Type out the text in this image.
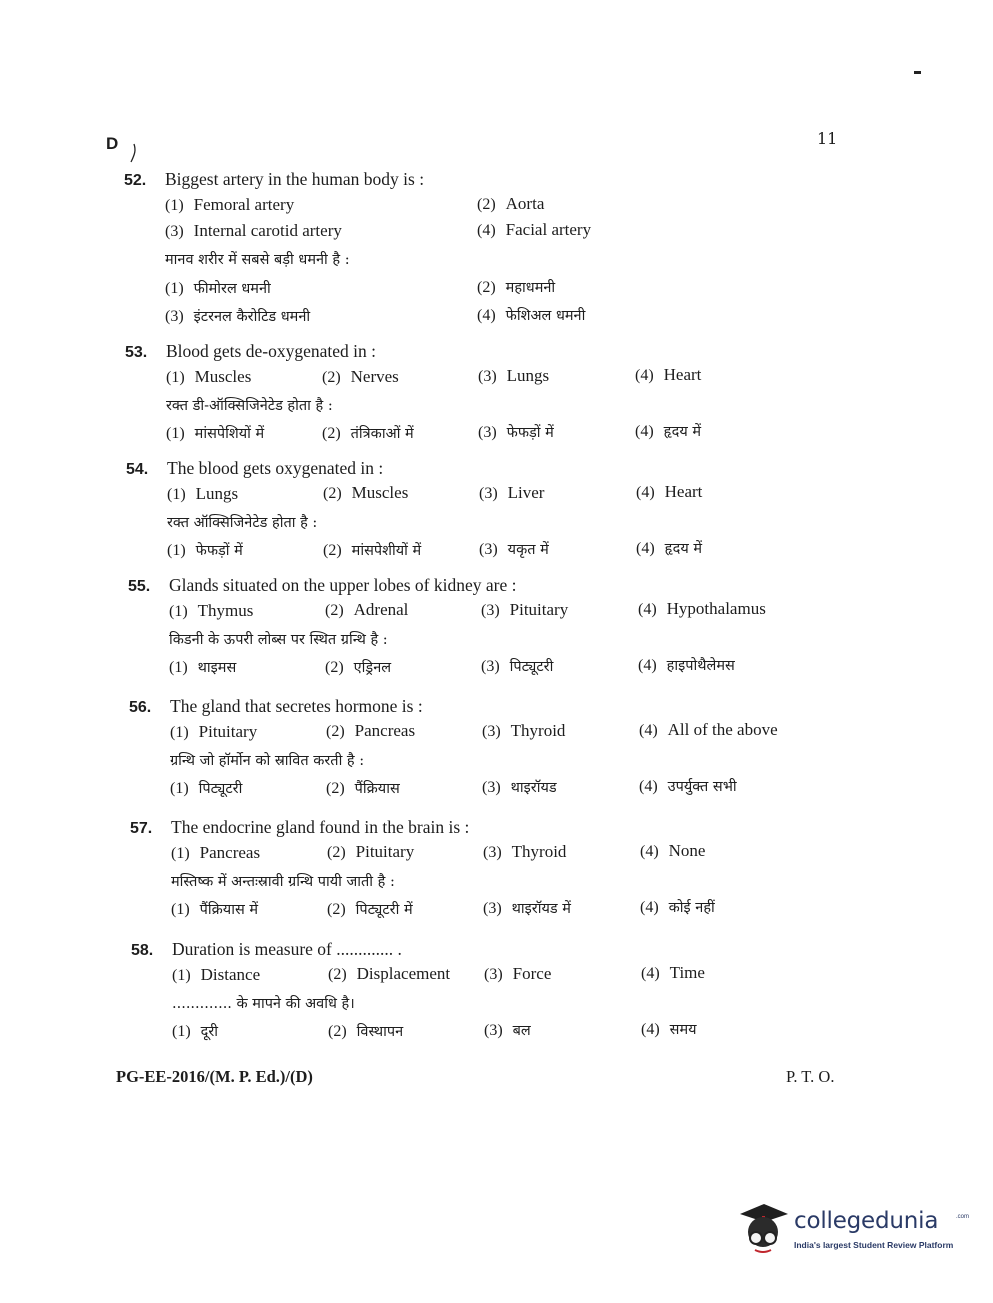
D	11
52. Biggest artery in the human body is :
(1) Femoral artery	(2) Aorta
(3) Internal carotid artery	(4) Facial artery
मानव शरीर में सबसे बड़ी धमनी है :
(1) फीमोरल धमनी	(2) महाधमनी
(3) इंटरनल कैरोटिड धमनी	(4) फेशिअल धमनी
53. Blood gets de-oxygenated in :
(1) Muscles	(2) Nerves	(3) Lungs	(4) Heart
रक्त डी-ऑक्सिजिनेटेड होता है :
(1) मांसपेशियों में	(2) तंत्रिकाओं में	(3) फेफड़ों में	(4) हृदय में
54. The blood gets oxygenated in :
(1) Lungs	(2) Muscles	(3) Liver	(4) Heart
रक्त ऑक्सिजिनेटेड होता है :
(1) फेफड़ों में	(2) मांसपेशीयों में	(3) यकृत में	(4) हृदय में
55. Glands situated on the upper lobes of kidney are :
(1) Thymus	(2) Adrenal	(3) Pituitary	(4) Hypothalamus
किडनी के ऊपरी लोब्स पर स्थित ग्रन्थि है :
(1) थाइमस	(2) एड्रिनल	(3) पिट्यूटरी	(4) हाइपोथैलेमस
56. The gland that secretes hormone is :
(1) Pituitary	(2) Pancreas	(3) Thyroid	(4) All of the above
ग्रन्थि जो हॉर्मोन को स्रावित करती है :
(1) पिट्यूटरी	(2) पैंक्रियास	(3) थाइरॉयड	(4) उपर्युक्त सभी
57. The endocrine gland found in the brain is :
(1) Pancreas	(2) Pituitary	(3) Thyroid	(4) None
मस्तिष्क में अन्तःस्रावी ग्रन्थि पायी जाती है :
(1) पैंक्रियास में	(2) पिट्यूटरी में	(3) थाइरॉयड में	(4) कोई नहीं
58. Duration is measure of ............. .
(1) Distance	(2) Displacement (3) Force	(4) Time
............. के मापने की अवधि है।
(1) दूरी	(2) विस्थापन	(3) बल	(4) समय
PG-EE-2016/(M. P. Ed.)/(D)	P. T. O.
collegedunia	.com
India's largest Student Review Platform
